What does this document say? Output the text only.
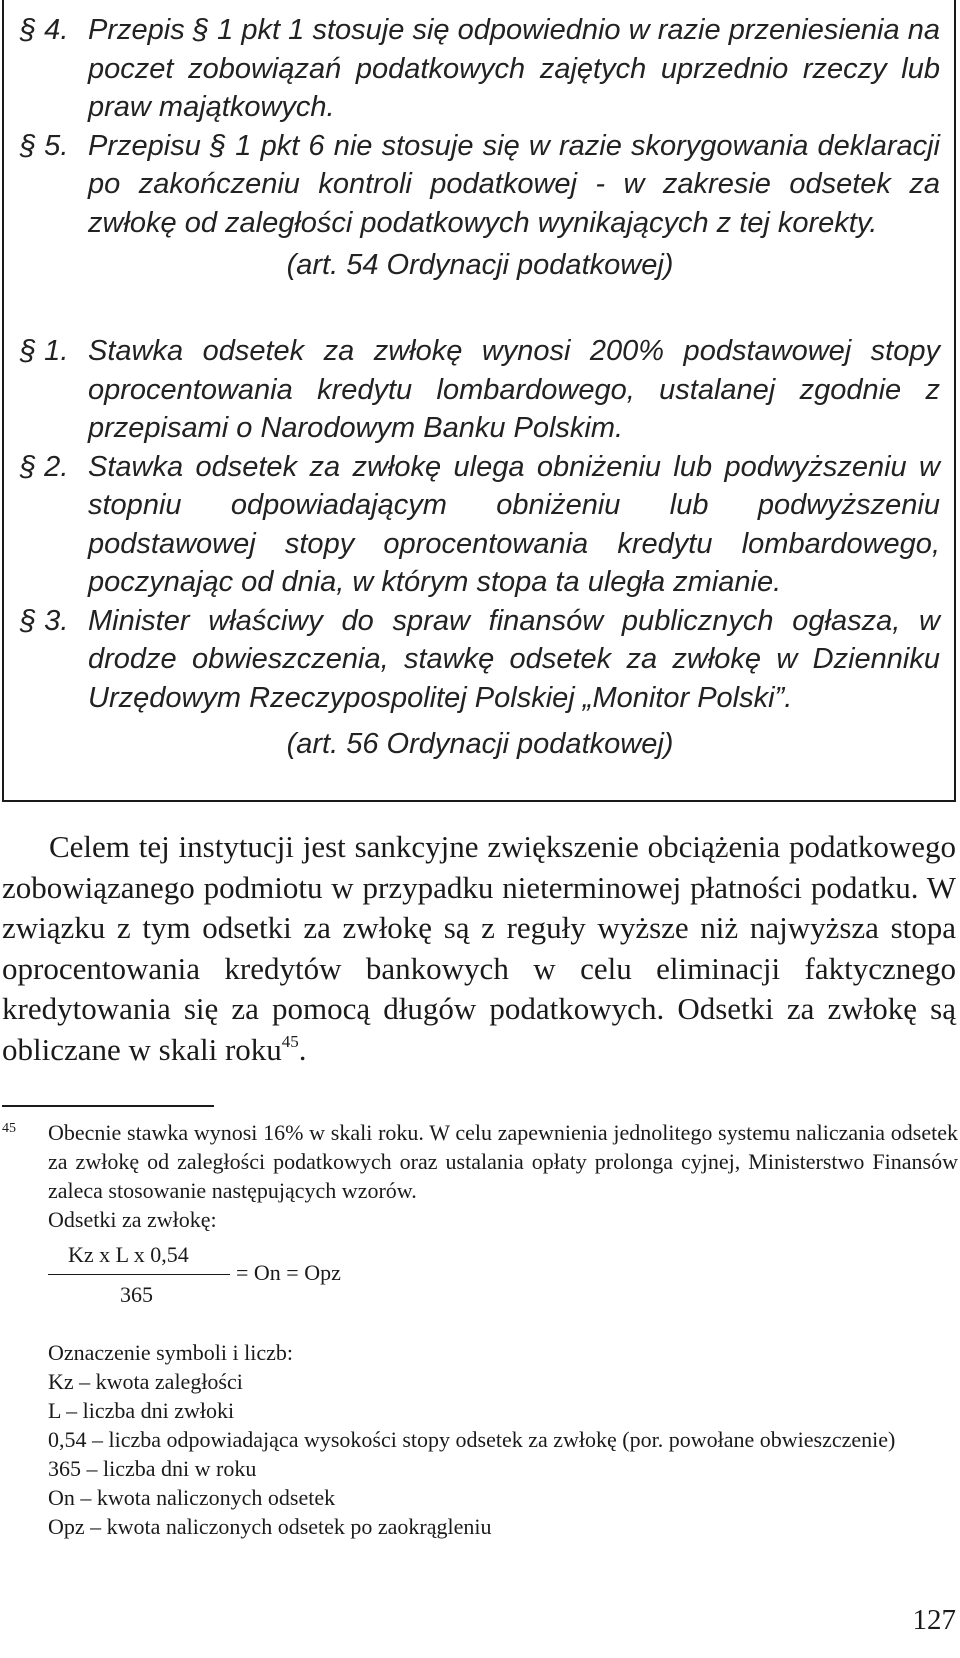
§ 4. Przepis § 1 pkt 1 stosuje się odpowiednio w razie przeniesienia na poczet zobowiązań podatkowych zajętych uprzednio rzeczy lub praw majątkowych.
§ 5. Przepisu § 1 pkt 6 nie stosuje się w razie skorygowania deklaracji po zakończeniu kontroli podatkowej - w zakresie odsetek za zwłokę od zaległości podatkowych wynikających z tej korekty.

(art. 54 Ordynacji podatkowej)

§ 1. Stawka odsetek za zwłokę wynosi 200% podstawowej stopy oprocentowania kredytu lombardowego, ustalanej zgodnie z przepisami o Narodowym Banku Polskim.
§ 2. Stawka odsetek za zwłokę ulega obniżeniu lub podwyższeniu w stopniu odpowiadającym obniżeniu lub podwyższeniu podstawowej stopy oprocentowania kredytu lombardowego, poczynając od dnia, w którym stopa ta uległa zmianie.
§ 3. Minister właściwy do spraw finansów publicznych ogłasza, w drodze obwieszczenia, stawkę odsetek za zwłokę w Dzienniku Urzędowym Rzeczypospolitej Polskiej „Monitor Polski”.

(art. 56 Ordynacji podatkowej)

Celem tej instytucji jest sankcyjne zwiększenie obciążenia podatkowego zobowiązanego podmiotu w przypadku nieterminowej płatności podatku. W związku z tym odsetki za zwłokę są z reguły wyższe niż najwyższa stopa oprocentowania kredytów bankowych w celu eliminacji faktycznego kredytowania się za pomocą długów podatkowych. Odsetki za zwłokę są obliczane w skali roku$^{45}$.

45 Obecnie stawka wynosi 16% w skali roku. W celu zapewnienia jednolitego systemu naliczania odsetek za zwłokę od zaległości podatkowych oraz ustalania opłaty prolonga cyjnej, Ministerstwo Finansów zaleca stosowanie następujących wzorów.

Odsetki za zwłokę:

Kz x L x 0,54
365
= On = Opz

Oznaczenie symboli i liczb:

Kz – kwota zaległości

L – liczba dni zwłoki

0,54 – liczba odpowiadająca wysokości stopy odsetek za zwłokę (por. powołane obwieszczenie)

365 – liczba dni w roku

On – kwota naliczonych odsetek

Opz – kwota naliczonych odsetek po zaokrągleniu

127
